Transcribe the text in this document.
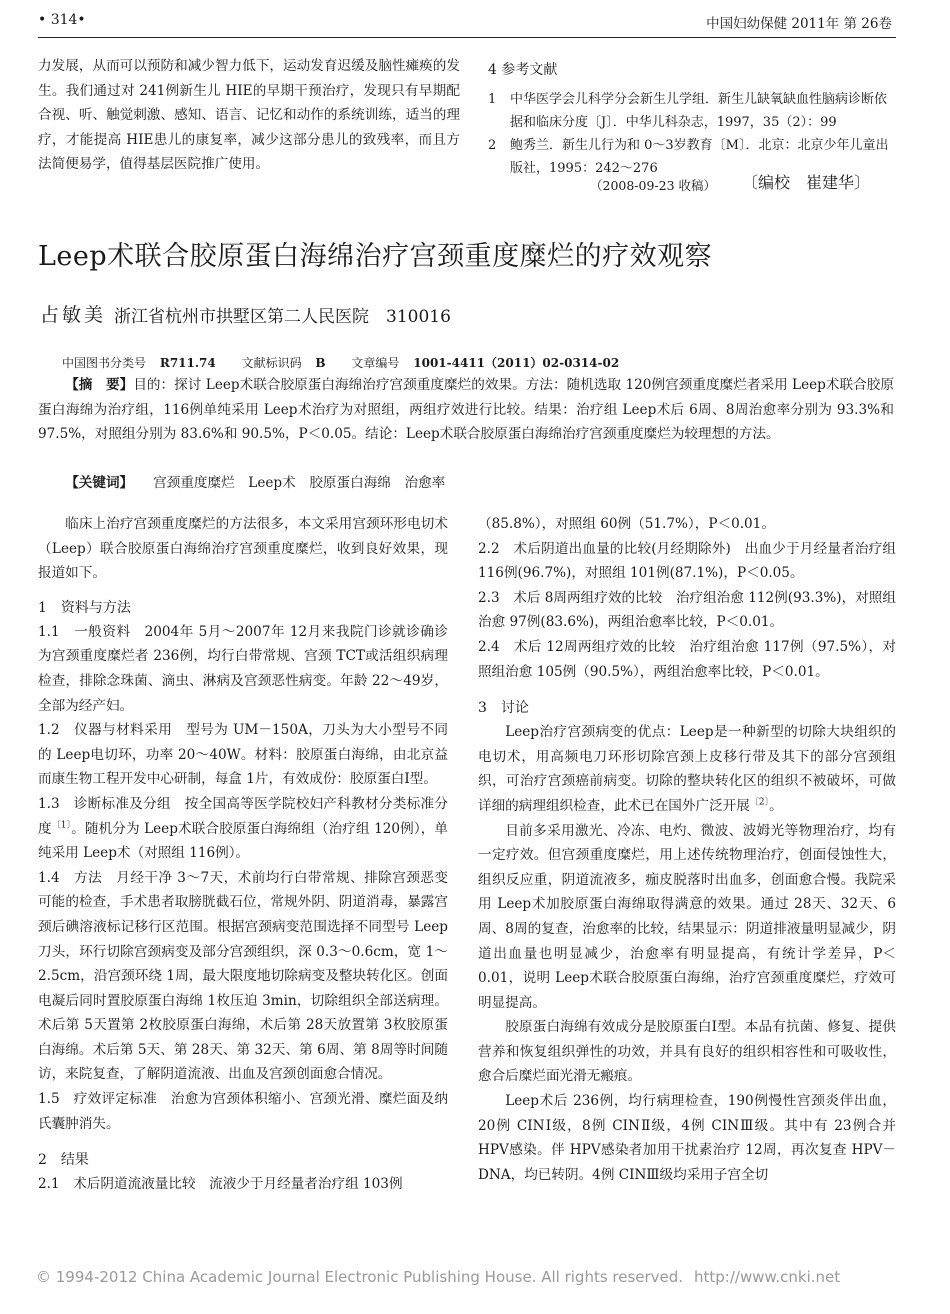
• 314•	中国妇幼保健 2011年 第 26卷
力发展，从而可以预防和减少智力低下，运动发育迟缓及脑性瘫痪的发生。我们通过对 241例新生儿 HIE的早期干预治疗，发现只有早期配合视、听、触觉刺激、感知、语言、记忆和动作的系统训练，适当的理疗，才能提高 HIE患儿的康复率，减少这部分患儿的致残率，而且方法简便易学，值得基层医院推广使用。
4 参考文献
1	中华医学会儿科学分会新生儿学组．新生儿缺氧缺血性脑病诊断依据和临床分度〔J〕．中华儿科杂志，1997，35（2）：99
2	鲍秀兰．新生儿行为和 0～3岁教育〔M〕．北京：北京少年儿童出版社，1995：242～276
（2008-09-23 收稿） 〔编校　崔建华〕
Leep术联合胶原蛋白海绵治疗宫颈重度糜烂的疗效观察
占敏美 浙江省杭州市拱墅区第二人民医院　310016
中国图书分类号 R711.74 文献标识码 B 文章编号 1001-4411（2011）02-0314-02
【摘　要】目的：探讨 Leep术联合胶原蛋白海绵治疗宫颈重度糜烂的效果。方法：随机选取 120例宫颈重度糜烂者采用 Leep术联合胶原蛋白海绵为治疗组，116例单纯采用 Leep术治疗为对照组，两组疗效进行比较。结果：治疗组 Leep术后 6周、8周治愈率分别为 93.3%和 97.5%，对照组分别为 83.6%和 90.5%，P＜0.05。结论：Leep术联合胶原蛋白海绵治疗宫颈重度糜烂为较理想的方法。
【关键词】 宫颈重度糜烂　Leep术　胶原蛋白海绵　治愈率

临床上治疗宫颈重度糜烂的方法很多，本文采用宫颈环形电切术（Leep）联合胶原蛋白海绵治疗宫颈重度糜烂，收到良好效果，现报道如下。

1　资料与方法

1.1　一般资料　2004年 5月～2007年 12月来我院门诊就诊确诊为宫颈重度糜烂者 236例，均行白带常规、宫颈 TCT或活组织病理检查，排除念珠菌、滴虫、淋病及宫颈恶性病变。年龄 22～49岁，全部为经产妇。

1.2　仪器与材料采用　型号为 UM－150A，刀头为大小型号不同的 Leep电切环，功率 20～40W。材料：胶原蛋白海绵，由北京益而康生物工程开发中心研制，每盒 1片，有效成份：胶原蛋白Ⅰ型。

1.3　诊断标准及分组　按全国高等医学院校妇产科教材分类标准分度$^{〔1〕}$。随机分为 Leep术联合胶原蛋白海绵组（治疗组 120例），单纯采用 Leep术（对照组 116例）。

1.4　方法　月经干净 3～7天，术前均行白带常规、排除宫颈恶变可能的检查，手术患者取膀胱截石位，常规外阴、阴道消毒，暴露宫颈后碘溶液标记移行区范围。根据宫颈病变范围选择不同型号 Leep刀头，环行切除宫颈病变及部分宫颈组织，深 0.3～0.6cm，宽 1～2.5cm，沿宫颈环绕 1周，最大限度地切除病变及整块转化区。创面电凝后同时置胶原蛋白海绵 1枚压迫 3min，切除组织全部送病理。术后第 5天置第 2枚胶原蛋白海绵，术后第 28天放置第 3枚胶原蛋白海绵。术后第 5天、第 28天、第 32天、第 6周、第 8周等时间随访，来院复查，了解阴道流液、出血及宫颈创面愈合情况。

1.5　疗效评定标准　治愈为宫颈体积缩小、宫颈光滑、糜烂面及纳氏囊肿消失。

2　结果

2.1　术后阴道流液量比较　流液少于月经量者治疗组 103例

（85.8%），对照组 60例（51.7%），P＜0.01。

2.2　术后阴道出血量的比较(月经期除外)　出血少于月经量者治疗组 116例(96.7%)，对照组 101例(87.1%)，P＜0.05。

2.3　术后 8周两组疗效的比较　治疗组治愈 112例(93.3%)，对照组治愈 97例(83.6%)，两组治愈率比较，P＜0.01。

2.4　术后 12周两组疗效的比较　治疗组治愈 117例（97.5%），对照组治愈 105例（90.5%），两组治愈率比较，P＜0.01。

3　讨论

Leep治疗宫颈病变的优点：Leep是一种新型的切除大块组织的电切术，用高频电刀环形切除宫颈上皮移行带及其下的部分宫颈组织，可治疗宫颈癌前病变。切除的整块转化区的组织不被破坏，可做详细的病理组织检查，此术已在国外广泛开展$^{〔2〕}$。

目前多采用激光、冷冻、电灼、微波、波姆光等物理治疗，均有一定疗效。但宫颈重度糜烂，用上述传统物理治疗，创面侵蚀性大，组织反应重，阴道流液多，痂皮脱落时出血多，创面愈合慢。我院采用 Leep术加胶原蛋白海绵取得满意的效果。通过 28天、32天、6周、8周的复查，治愈率的比较，结果显示：阴道排液量明显减少，阴道出血量也明显减少，治愈率有明显提高，有统计学差异，P＜0.01，说明 Leep术联合胶原蛋白海绵，治疗宫颈重度糜烂，疗效可明显提高。

胶原蛋白海绵有效成分是胶原蛋白Ⅰ型。本品有抗菌、修复、提供营养和恢复组织弹性的功效，并具有良好的组织相容性和可吸收性，愈合后糜烂面光滑无瘢痕。

Leep术后 236例，均行病理检查，190例慢性宫颈炎伴出血，20例 CINⅠ级，8例 CINⅡ级，4例 CINⅢ级。其中有 23例合并 HPV感染。伴 HPV感染者加用干扰素治疗 12周，再次复查 HPV－DNA，均已转阴。4例 CINⅢ级均采用子宫全切

© 1994-2012 China Academic Journal Electronic Publishing House. All rights reserved. http://www.cnki.net
